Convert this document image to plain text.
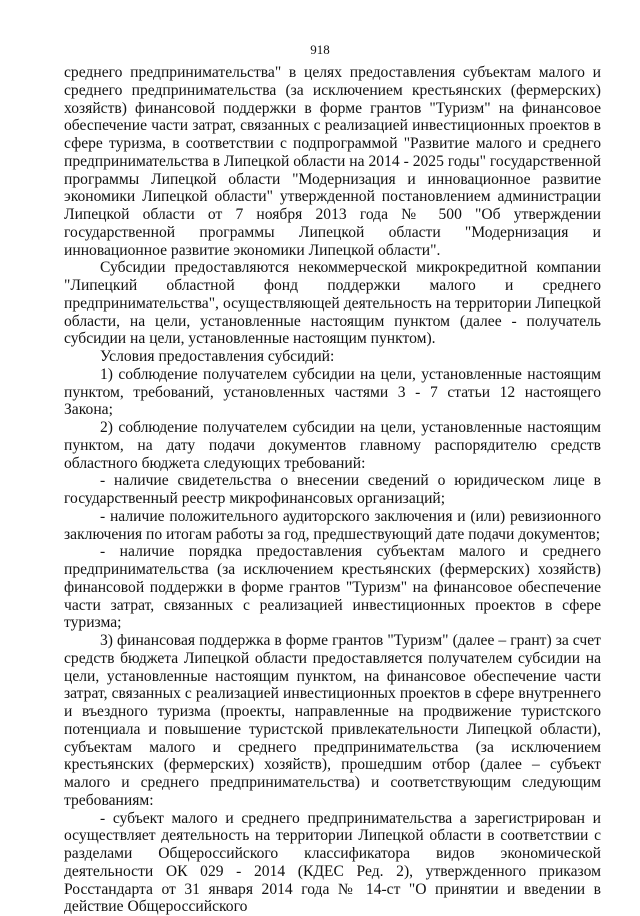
918
среднего предпринимательства" в целях предоставления субъектам малого и среднего предпринимательства (за исключением крестьянских (фермерских) хозяйств) финансовой поддержки в форме грантов "Туризм" на финансовое обеспечение части затрат, связанных с реализацией инвестиционных проектов в сфере туризма, в соответствии с подпрограммой "Развитие малого и среднего предпринимательства в Липецкой области на 2014 - 2025 годы" государственной программы Липецкой области "Модернизация и инновационное развитие экономики Липецкой области" утвержденной постановлением администрации Липецкой области от 7 ноября 2013 года № 500 "Об утверждении государственной программы Липецкой области "Модернизация и инновационное развитие экономики Липецкой области".
Субсидии предоставляются некоммерческой микрокредитной компании "Липецкий областной фонд поддержки малого и среднего предпринимательства", осуществляющей деятельность на территории Липецкой области, на цели, установленные настоящим пунктом (далее - получатель субсидии на цели, установленные настоящим пунктом).
Условия предоставления субсидий:
1) соблюдение получателем субсидии на цели, установленные настоящим пунктом, требований, установленных частями 3 - 7 статьи 12 настоящего Закона;
2) соблюдение получателем субсидии на цели, установленные настоящим пунктом, на дату подачи документов главному распорядителю средств областного бюджета следующих требований:
- наличие свидетельства о внесении сведений о юридическом лице в государственный реестр микрофинансовых организаций;
- наличие положительного аудиторского заключения и (или) ревизионного заключения по итогам работы за год, предшествующий дате подачи документов;
- наличие порядка предоставления субъектам малого и среднего предпринимательства (за исключением крестьянских (фермерских) хозяйств) финансовой поддержки в форме грантов "Туризм" на финансовое обеспечение части затрат, связанных с реализацией инвестиционных проектов в сфере туризма;
3) финансовая поддержка в форме грантов "Туризм" (далее – грант) за счет средств бюджета Липецкой области предоставляется получателем субсидии на цели, установленные настоящим пунктом, на финансовое обеспечение части затрат, связанных с реализацией инвестиционных проектов в сфере внутреннего и въездного туризма (проекты, направленные на продвижение туристского потенциала и повышение туристской привлекательности Липецкой области), субъектам малого и среднего предпринимательства (за исключением крестьянских (фермерских) хозяйств), прошедшим отбор (далее – субъект малого и среднего предпринимательства) и соответствующим следующим требованиям:
- субъект малого и среднего предпринимательства а зарегистрирован и осуществляет деятельность на территории Липецкой области в соответствии с разделами Общероссийского классификатора видов экономической деятельности ОК 029 - 2014 (КДЕС Ред. 2), утвержденного приказом Росстандарта от 31 января 2014 года № 14-ст "О принятии и введении в действие Общероссийского
